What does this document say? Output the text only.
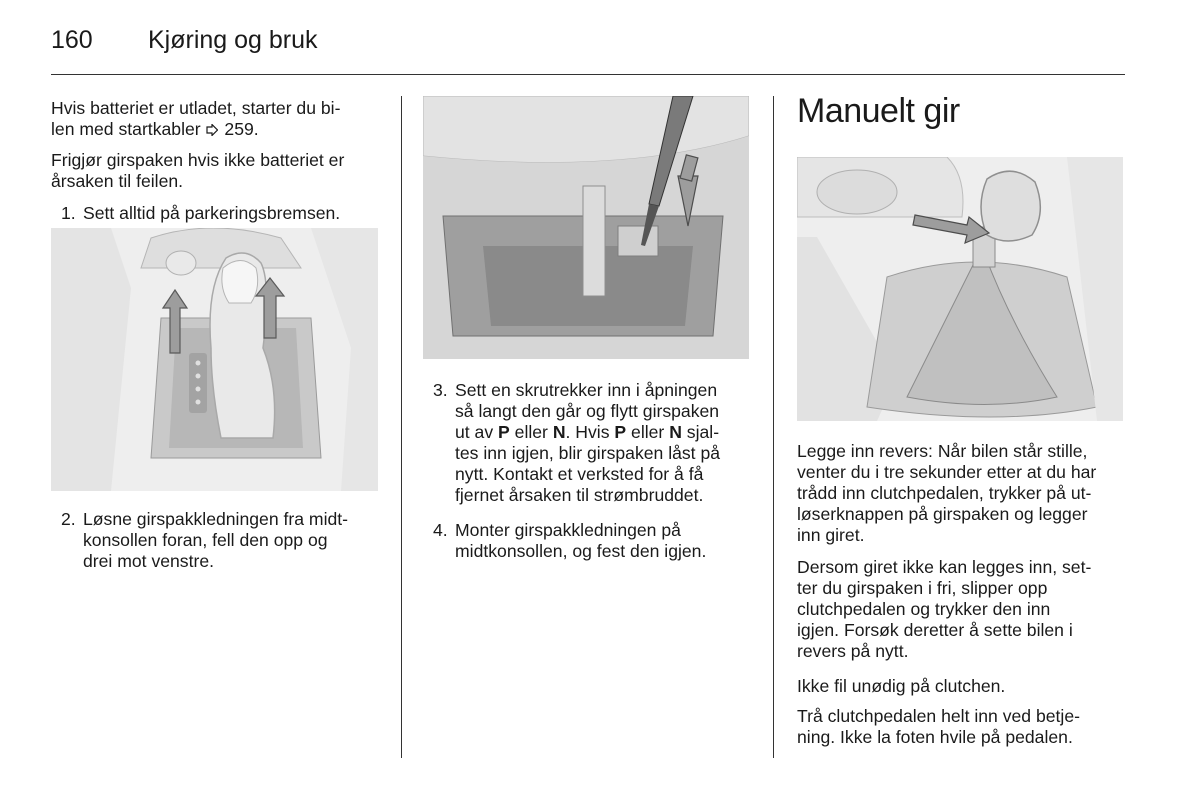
160 Kjøring og bruk

Hvis batteriet er utladet, starter du bi-

len med startkabler  259.

Frigjør girspaken hvis ikke batteriet er

årsaken til feilen.

1. Sett alltid på parkeringsbremsen.
2. Løsne girspakkledningen fra midt-
konsollen foran, fell den opp og
drei mot venstre.
3. Sett en skrutrekker inn i åpningen
så langt den går og flytt girspaken
ut av P eller N. Hvis P eller N sjal-
tes inn igjen, blir girspaken låst på
nytt. Kontakt et verksted for å få
fjernet årsaken til strømbruddet.
4. Monter girspakkledningen på
midtkonsollen, og fest den igjen.
Manuelt gir

Legge inn revers: Når bilen står stille,

venter du i tre sekunder etter at du har

trådd inn clutchpedalen, trykker på ut-

løserknappen på girspaken og legger

inn giret.

Dersom giret ikke kan legges inn, set-

ter du girspaken i fri, slipper opp

clutchpedalen og trykker den inn

igjen. Forsøk deretter å sette bilen i

revers på nytt.

Ikke fil unødig på clutchen.

Trå clutchpedalen helt inn ved betje-

ning. Ikke la foten hvile på pedalen.
